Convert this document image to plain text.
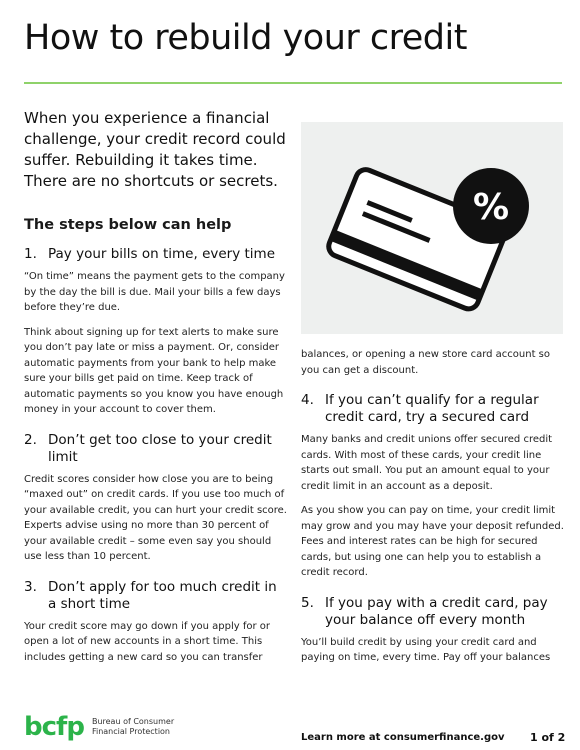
How to rebuild your credit

When you experience a financial challenge, your credit record could suffer. Rebuilding it takes time. There are no shortcuts or secrets.

The steps below can help
1. Pay your bills on time, every time

“On time” means the payment gets to the company by the day the bill is due. Mail your bills a few days before they’re due.

Think about signing up for text alerts to make sure you don’t pay late or miss a payment. Or, consider automatic payments from your bank to help make sure your bills get paid on time. Keep track of automatic payments so you know you have enough money in your account to cover them.

2. Don’t get too close to your credit limit

Credit scores consider how close you are to being “maxed out” on credit cards. If you use too much of your available credit, you can hurt your credit score. Experts advise using no more than 30 percent of your available credit – some even say you should use less than 10 percent.

3. Don’t apply for too much credit in a short time

Your credit score may go down if you apply for or open a lot of new accounts in a short time. This includes getting a new card so you can transfer

%

balances, or opening a new store card account so you can get a discount.

4. If you can’t qualify for a regular credit card, try a secured card

Many banks and credit unions offer secured credit cards. With most of these cards, your credit line starts out small. You put an amount equal to your credit limit in an account as a deposit.

As you show you can pay on time, your credit limit may grow and you may have your deposit refunded. Fees and interest rates can be high for secured cards, but using one can help you to establish a credit record.

5. If you pay with a credit card, pay your balance off every month

You’ll build credit by using your credit card and paying on time, every time. Pay off your balances

bcfp Bureau of Consumer
Financial Protection
Learn more at consumerfinance.gov 1 of 2
